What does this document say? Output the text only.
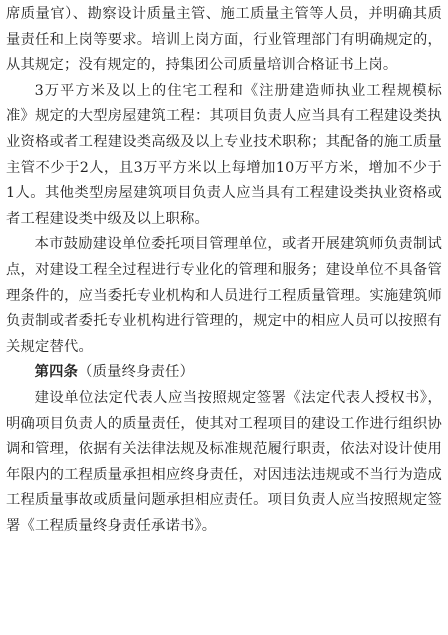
席质量官）、勘察设计质量主管、施工质量主管等人员，并明确其质量责任和上岗等要求。培训上岗方面，行业管理部门有明确规定的，从其规定；没有规定的，持集团公司质量培训合格证书上岗。

3万平方米及以上的住宅工程和《注册建造师执业工程规模标准》规定的大型房屋建筑工程：其项目负责人应当具有工程建设类执业资格或者工程建设类高级及以上专业技术职称；其配备的施工质量主管不少于2人，且3万平方米以上每增加10万平方米，增加不少于1人。其他类型房屋建筑项目负责人应当具有工程建设类执业资格或者工程建设类中级及以上职称。

本市鼓励建设单位委托项目管理单位，或者开展建筑师负责制试点，对建设工程全过程进行专业化的管理和服务；建设单位不具备管理条件的，应当委托专业机构和人员进行工程质量管理。实施建筑师负责制或者委托专业机构进行管理的，规定中的相应人员可以按照有关规定替代。

第四条（质量终身责任）

建设单位法定代表人应当按照规定签署《法定代表人授权书》，明确项目负责人的质量责任，使其对工程项目的建设工作进行组织协调和管理，依据有关法律法规及标准规范履行职责，依法对设计使用年限内的工程质量承担相应终身责任，对因违法违规或不当行为造成工程质量事故或质量问题承担相应责任。项目负责人应当按照规定签署《工程质量终身责任承诺书》。
